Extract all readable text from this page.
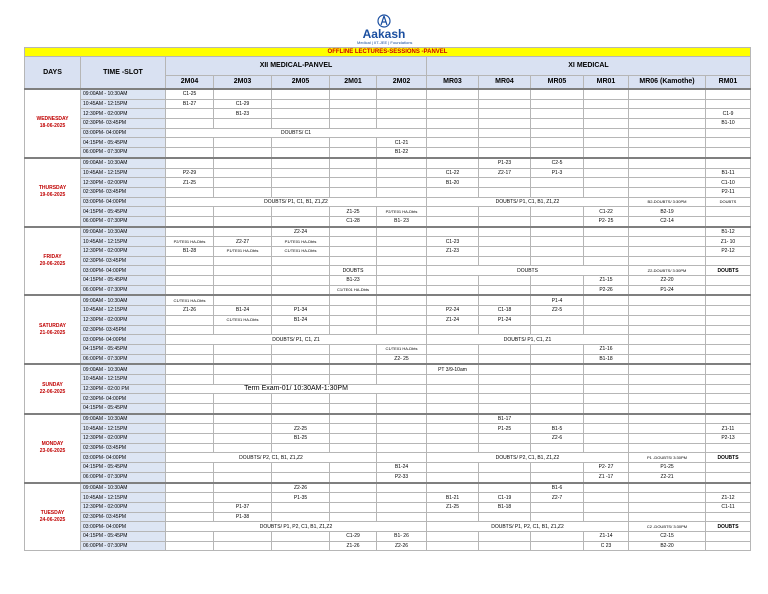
Aakash
Medical | IIT-JEE | Foundations
OFFLINE LECTURES-SESSIONS -PANVEL												
DAYS	TIME -SLOT	XII MEDICAL-PANVEL					XI MEDICAL					
		2M04	2M03	2M05	2M01	2M02	MR03	MR04	MR05	MR01	MR06 (Kamothe)	RM01
WEDNESDAY
18-06-2025	09:00AM - 10:30AM	C1-25										
	10:45AM - 12:15PM	B1-27	C1-29									
	12:30PM - 02:00PM		B1-23									C1-9
	02:30PM- 03:45PM											B1-10
	03:00PM- 04:00PM	DOUBTS/ C1										
	04:15PM - 05:45PM					C1-21						
	06:00PM - 07:30PM					B1-22						
THURSDAY
19-06-2025	09:00AM - 10:30AM							P1-23	C2-5			
	10:45AM - 12:15PM	P2-29					C1-22	Z2-17	P1-3			B1-11
	12:30PM - 02:00PM	Z1-25					B1-20					C1-10
	02:30PM- 03:45PM											P2-11
	03:00PM- 04:00PM	DOUBTS/ P1, C1, B1, Z1,Z2					DOUBTS/ P1, C1, B1, Z1,Z2				B2-DOUBTS/ 3:30PM	DOUBTS
	04:15PM - 05:45PM				Z1-25	P2/TE01 HA-Dbts				C1-22	B2-19	
	06:00PM - 07:30PM				C1-28	B1- 23				P2- 25	C2-14	
FRIDAY
20-06-2025	09:00AM - 10:30AM			Z2-24								B1-12
	10:45AM - 12:15PM	P2/TE01 HA-Dbts	Z2-27	P1/TE01 HA-Dbts			C1-23					Z1- 10
	12:30PM - 02:00PM	B1-28	P1/TE01 HA-Dbts	C1/TE01 HA-Dbts			Z1-23					P2-12
	02:30PM- 03:45PM											
	03:00PM- 04:00PM				DOUBTS		DOUBTS				Z2-DOUBTS/ 3:30PM	DOUBTS
	04:15PM - 05:45PM				B1-23					Z1-15	Z2-20	
	06:00PM - 07:30PM				C1/TE01 HA-Dbts					P2-26	P1-24	
SATURDAY
21-06-2025	09:00AM - 10:30AM	C1/TE01 HA-Dbts							P1-4			
	10:45AM - 12:15PM	Z1-26	B1-24	P1-34			P2-24	C1-18	Z2-5			
	12:30PM - 02:00PM		C1/TE01 HA-Dbts	B1-24			Z1-24	P1-24				
	02:30PM- 03:45PM											
	03:00PM- 04:00PM	DOUBTS/ P1, C1, Z1					DOUBTS/ P1, C1, Z1					
	04:15PM - 05:45PM					C1/TE01 HA-Dbts				Z1-16		
	06:00PM - 07:30PM					Z2- 25				B1-18		
SUNDAY
22-06-2025	09:00AM - 10:30AM						PT 3/9-10am					
	10:45AM - 12:15PM											
	12:30PM - 02:00 PM	Term Exam-01/ 10:30AM-1:30PM										
	02:30PM- 04:00PM											
	04:15PM - 05:45PM											
MONDAY
23-06-2025	09:00AM - 10:30AM							B1-17				
	10:45AM - 12:15PM			Z2-25				P1-25	B1-5			Z1-11
	12:30PM - 02:00PM			B1-25					Z2-6			P2-13
	02:30PM- 03:45PM											
	03:00PM- 04:00PM	DOUBTS/ P2, C1, B1, Z1,Z2					DOUBTS/ P2, C1, B1, Z1,Z2				P1 -DOUBTS/ 3:30PM	DOUBTS
	04:15PM - 05:45PM					B1-24				P2- 27	P1-25	
	06:00PM - 07:30PM					P2-33				Z1 -17	Z2-21	
TUESDAY
24-06-2025	09:00AM - 10:30AM			Z2-26					B1-6			
	10:45AM - 12:15PM			P1-35			B1-21	C1-19	Z2-7			Z1-12
	12:30PM - 02:00PM		P1-37				Z1-25	B1-18				C1-11
	02:30PM- 03:45PM		P1-38									
	03:00PM- 04:00PM	DOUBTS/ P1, P2, C1, B1, Z1,Z2					DOUBTS/ P1, P2, C1, B1, Z1,Z2				C2 -DOUBTS/ 3:30PM	DOUBTS
	04:15PM - 05:45PM				C1-29	B1- 26				Z1-14	C2-15	
	06:00PM - 07:30PM				Z1-26	Z2-26				C 23	B2-20	
